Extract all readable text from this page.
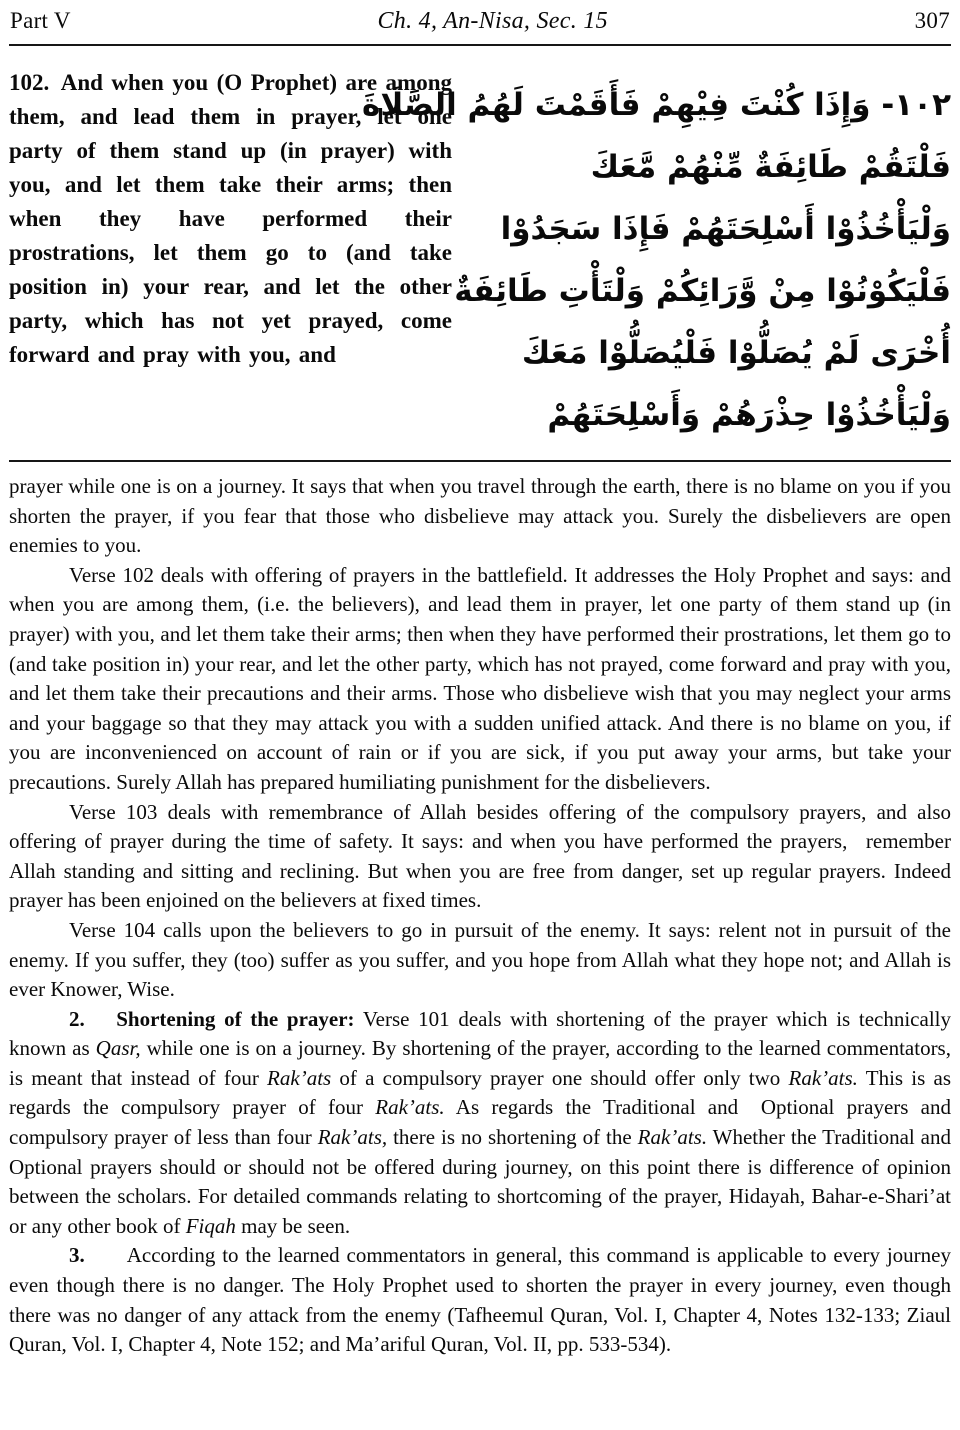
Part V	Ch. 4, An-Nisa, Sec. 15	307
102. And when you (O Prophet) are among them, and lead them in prayer, let one party of them stand up (in prayer) with you, and let them take their arms; then when they have performed their prostrations, let them go to (and take position in) your rear, and let the other party, which has not yet prayed, come forward and pray with you, and
١٠٢- وَإِذَا كُنْتَ فِيْهِمْ فَأَقَمْتَ لَهُمُ الصَّلَاةَ
فَلْتَقُمْ طَائِفَةٌ مِّنْهُمْ مَّعَكَ
وَلْيَأْخُذُوْا أَسْلِحَتَهُمْ فَإِذَا سَجَدُوْا
فَلْيَكُوْنُوْا مِنْ وَّرَائِكُمْ وَلْتَأْتِ طَائِفَةٌ
أُخْرَى لَمْ يُصَلُّوْا فَلْيُصَلُّوْا مَعَكَ
وَلْيَأْخُذُوْا حِذْرَهُمْ وَأَسْلِحَتَهُمْ

prayer while one is on a journey. It says that when you travel through the earth, there is no blame on you if you shorten the prayer, if you fear that those who disbelieve may attack you. Surely the disbelievers are open enemies to you.

Verse 102 deals with offering of prayers in the battlefield. It addresses the Holy Prophet and says: and when you are among them, (i.e. the believers), and lead them in prayer, let one party of them stand up (in prayer) with you, and let them take their arms; then when they have performed their prostrations, let them go to (and take position in) your rear, and let the other party, which has not prayed, come forward and pray with you, and let them take their precautions and their arms. Those who disbelieve wish that you may neglect your arms and your baggage so that they may attack you with a sudden unified attack. And there is no blame on you, if you are inconvenienced on account of rain or if you are sick, if you put away your arms, but take your precautions. Surely Allah has prepared humiliating punishment for the disbelievers.

Verse 103 deals with remembrance of Allah besides offering of the compulsory prayers, and also offering of prayer during the time of safety. It says: and when you have performed the prayers,  remember Allah standing and sitting and reclining. But when you are free from danger, set up regular prayers. Indeed prayer has been enjoined on the believers at fixed times.

Verse 104 calls upon the believers to go in pursuit of the enemy. It says: relent not in pursuit of the enemy. If you suffer, they (too) suffer as you suffer, and you hope from Allah what they hope not; and Allah is ever Knower, Wise.

2.  Shortening of the prayer: Verse 101 deals with shortening of the prayer which is technically known as Qasr, while one is on a journey. By shortening of the prayer, according to the learned commentators, is meant that instead of four Rak’ats of a compulsory prayer one should offer only two Rak’ats. This is as regards the compulsory prayer of four Rak’ats. As regards the Traditional and  Optional prayers and compulsory prayer of less than four Rak’ats, there is no shortening of the Rak’ats. Whether the Traditional and Optional prayers should or should not be offered during journey, on this point there is difference of opinion between the scholars. For detailed commands relating to shortcoming of the prayer, Hidayah, Bahar-e-Shari’at or any other book of Fiqah may be seen.

3.  According to the learned commentators in general, this command is applicable to every journey even though there is no danger. The Holy Prophet used to shorten the prayer in every journey, even though there was no danger of any attack from the enemy (Tafheemul Quran, Vol. I, Chapter 4, Notes 132-133; Ziaul Quran, Vol. I, Chapter 4, Note 152; and Ma’ariful Quran, Vol. II, pp. 533-534).
